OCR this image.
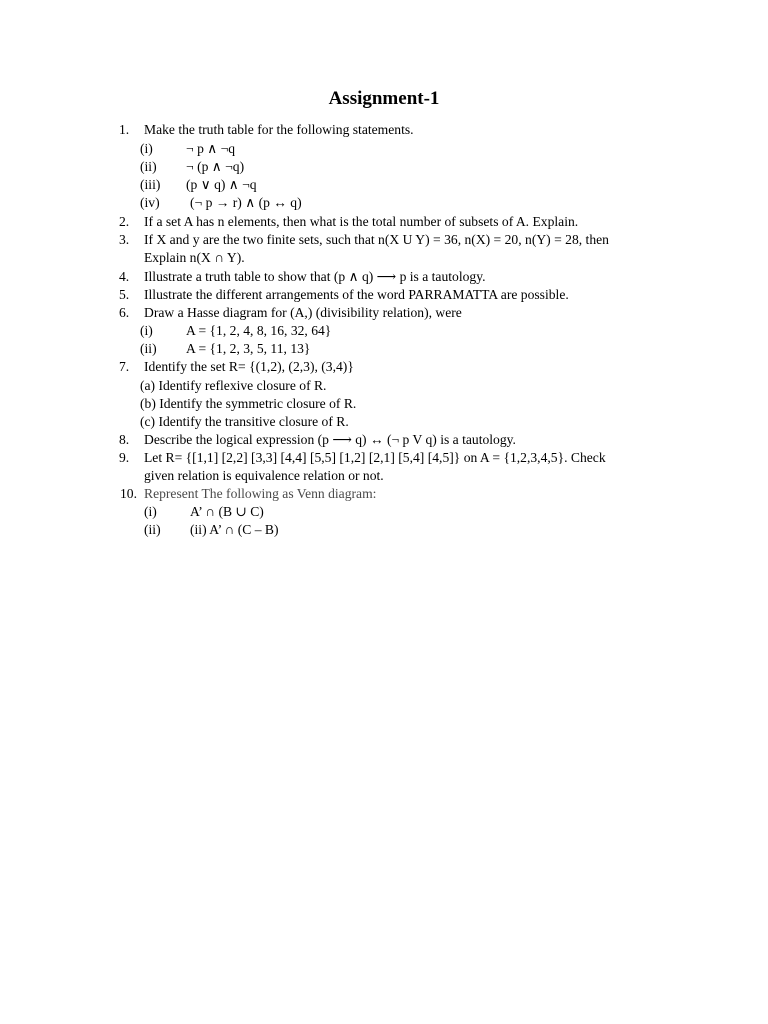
Assignment-1
1. Make the truth table for the following statements.
(i) ¬ p ∧ ¬q
(ii) ¬ (p ∧ ¬q)
(iii) (p ∨ q) ∧ ¬q
(iv) (¬ p → r) ∧ (p ↔ q)
2. If a set A has n elements, then what is the total number of subsets of A. Explain.
3. If X and y are the two finite sets, such that n(X U Y) = 36, n(X) = 20, n(Y) = 28, then
Explain n(X ∩ Y).
4. Illustrate a truth table to show that (p ∧ q) ⟶ p is a tautology.
5. Illustrate the different arrangements of the word PARRAMATTA are possible.
6. Draw a Hasse diagram for (A,) (divisibility relation), were
(i) A = {1, 2, 4, 8, 16, 32, 64}
(ii) A = {1, 2, 3, 5, 11, 13}
7. Identify the set R= {(1,2), (2,3), (3,4)}
(a) Identify reflexive closure of R.
(b) Identify the symmetric closure of R.
(c) Identify the transitive closure of R.
8. Describe the logical expression (p ⟶ q) ↔ (¬ p V q) is a tautology.
9. Let R= {[1,1] [2,2] [3,3] [4,4] [5,5] [1,2] [2,1] [5,4] [4,5]} on A = {1,2,3,4,5}. Check
given relation is equivalence relation or not.
10. Represent The following as Venn diagram:
(i) A’ ∩ (B ∪ C)
(ii) (ii) A’ ∩ (C – B)
